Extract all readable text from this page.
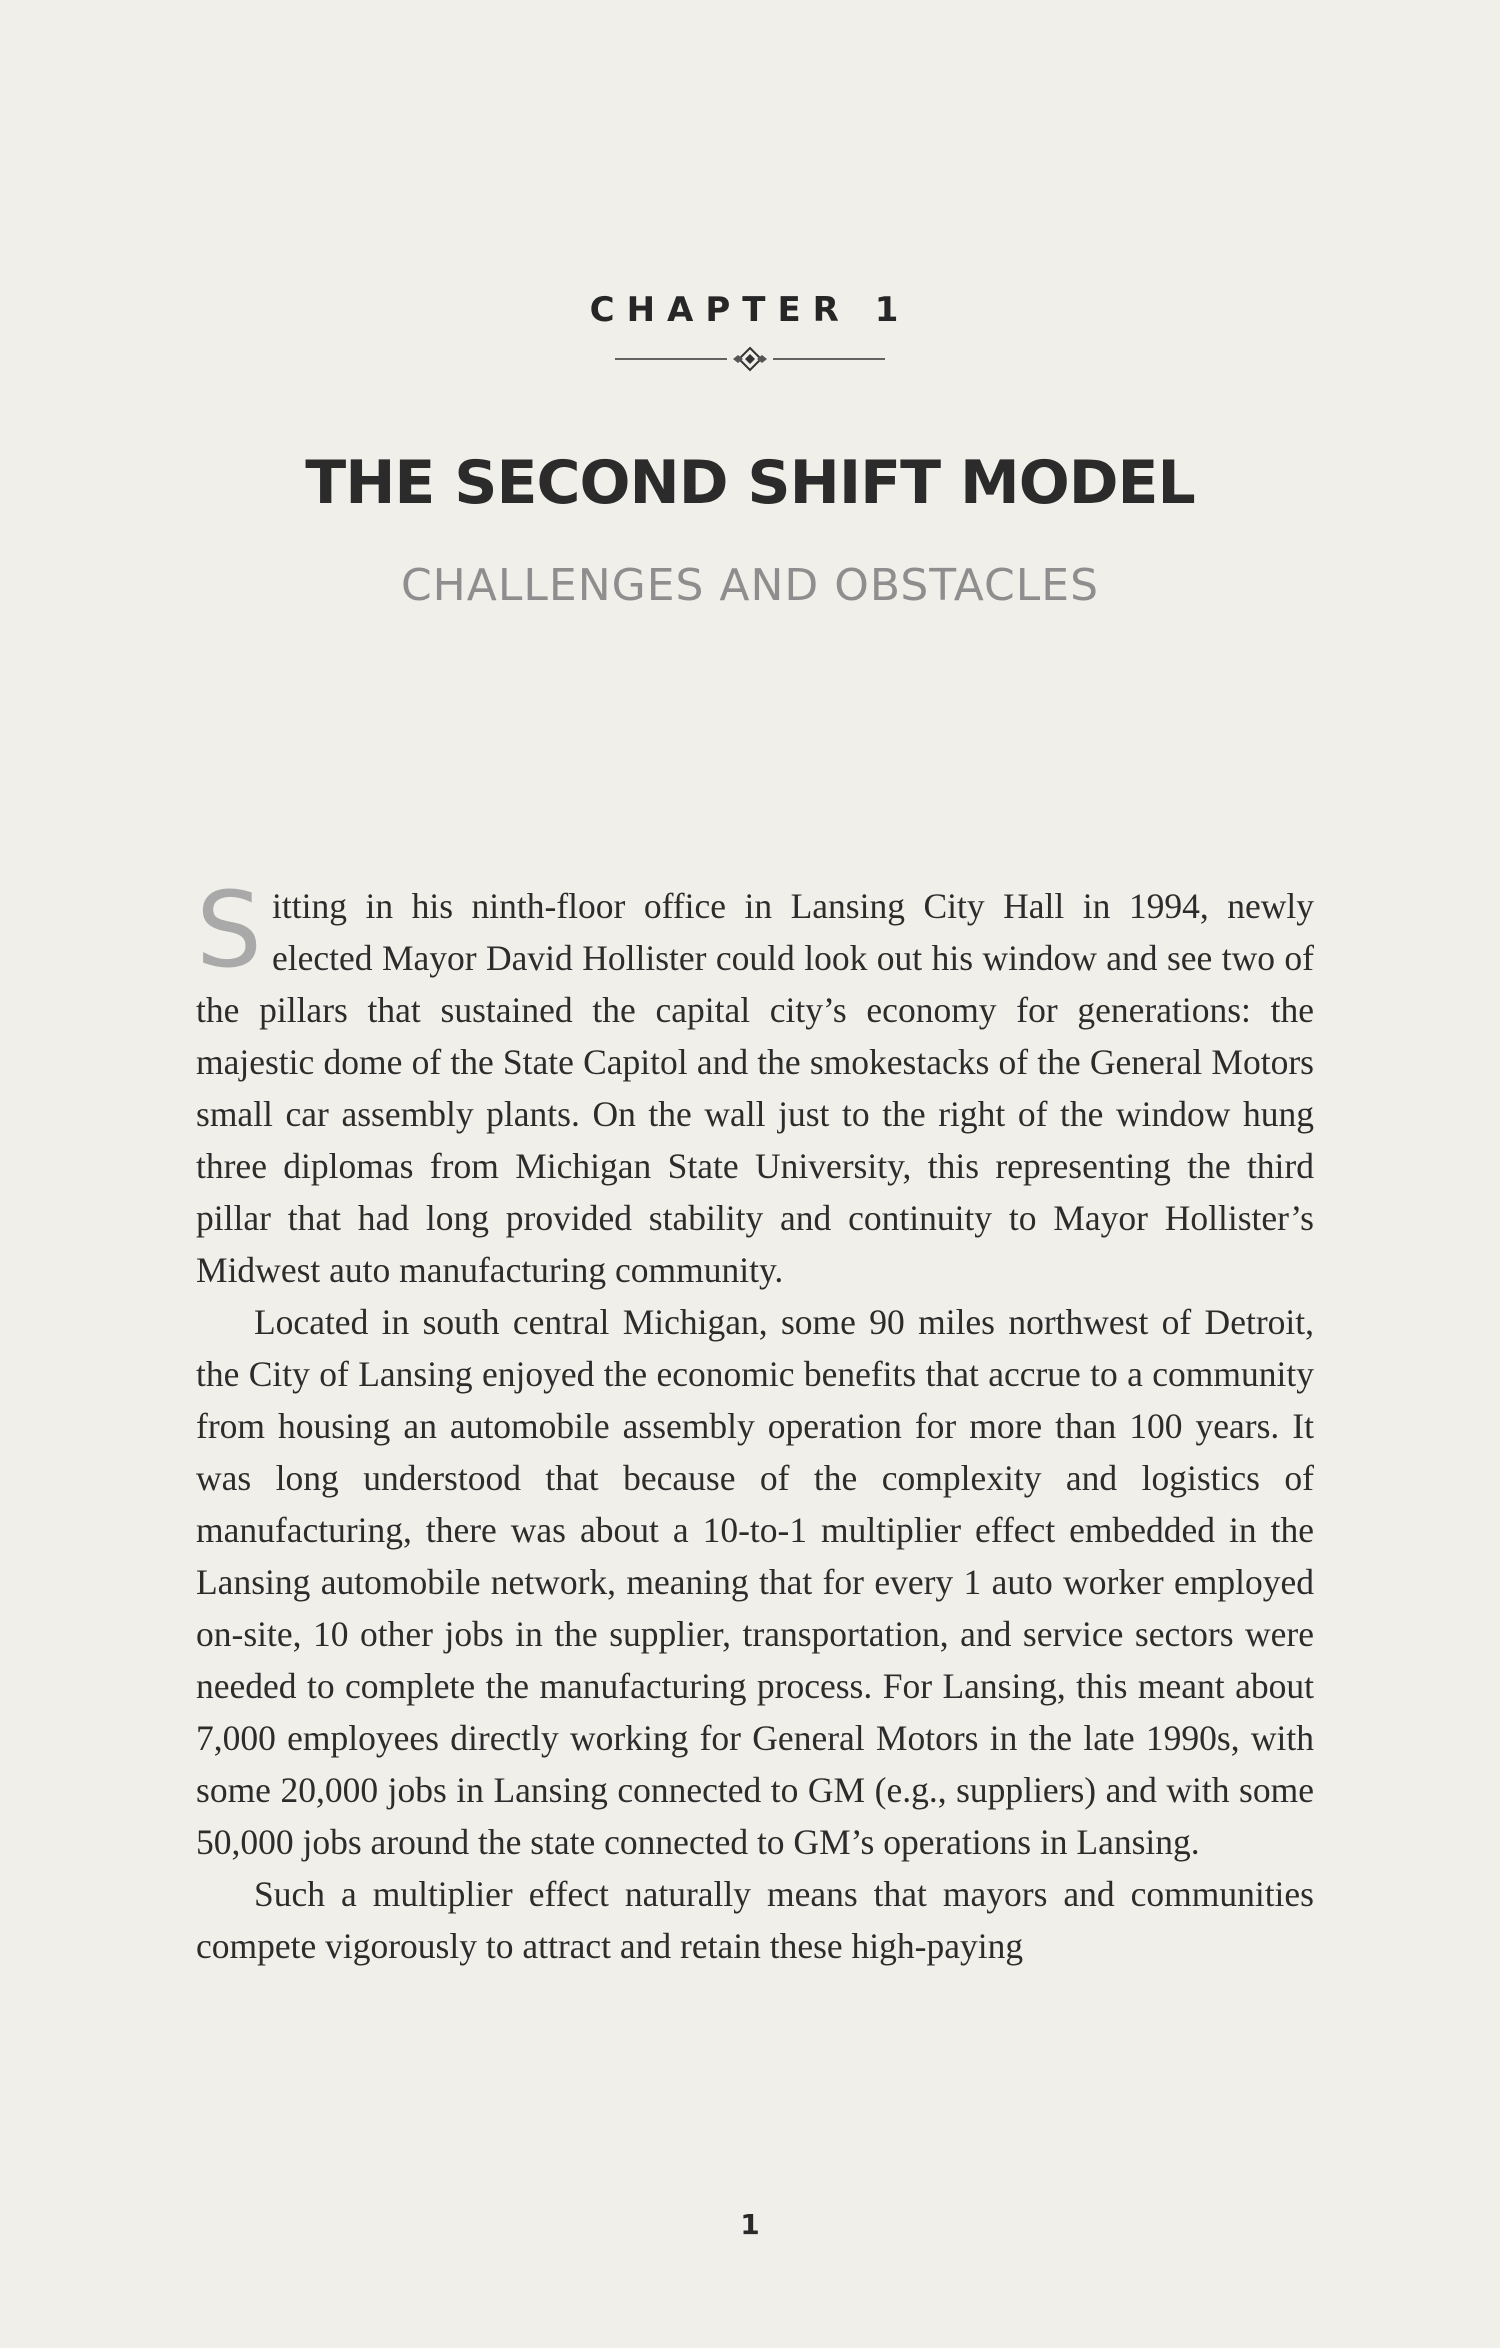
CHAPTER 1
THE SECOND SHIFT MODEL
CHALLENGES AND OBSTACLES

Sitting in his ninth-floor office in Lansing City Hall in 1994, newly elected Mayor David Hollister could look out his window and see two of the pillars that sustained the capital city’s economy for generations: the majestic dome of the State Capitol and the smokestacks of the General Motors small car assembly plants. On the wall just to the right of the window hung three diplomas from Michigan State University, this representing the third pillar that had long provided stability and continuity to Mayor Hollister’s Midwest auto manufacturing community.

Located in south central Michigan, some 90 miles northwest of Detroit, the City of Lansing enjoyed the economic benefits that accrue to a community from housing an automobile assembly operation for more than 100 years. It was long understood that because of the complexity and logistics of manufacturing, there was about a 10-to-1 multiplier effect embedded in the Lansing automobile network, meaning that for every 1 auto worker employed on-site, 10 other jobs in the supplier, transportation, and service sectors were needed to complete the manufacturing process. For Lansing, this meant about 7,000 employees directly working for General Motors in the late 1990s, with some 20,000 jobs in Lansing connected to GM (e.g., suppliers) and with some 50,000 jobs around the state connected to GM’s operations in Lansing.

Such a multiplier effect naturally means that mayors and communities compete vigorously to attract and retain these high-paying

1
